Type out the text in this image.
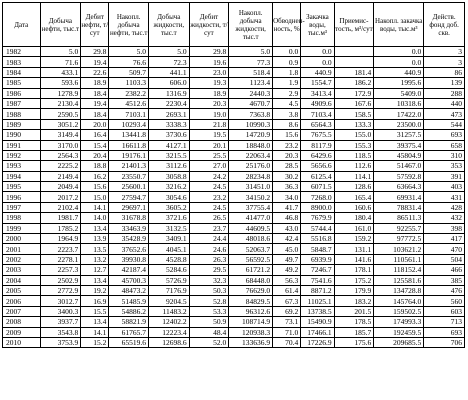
Дата	Добыча нефти, тыс.т	Дебит нефти, т/сут	Накопл. добыча нефти, тыс.т	Добыча жидкости, тыс.т	Дебит жидкости, т/сут	Накопл. добыча жидкости, тыс.т	Обводнен-ность, %	Закачка воды, тыс.м³	Приемис-тость, м³/сут	Накопл. закачка воды, тыс.м³	Действ. фонд доб. скв.
1982	5.0	29.8	5.0	5.0	29.8	5.0	0.0	0.0		0.0	3
1983	71.6	19.4	76.6	72.3	19.6	77.3	0.9	0.0		0.0	3
1984	433.1	22.6	509.7	441.1	23.0	518.4	1.8	440.9	181.4	440.9	86
1985	593.6	18.9	1103.3	606.0	19.3	1123.4	1.9	1554.7	186.2	1995.6	139
1986	1278.9	18.4	2382.2	1316.9	18.9	2440.3	2.9	3413.4	172.9	5409.0	288
1987	2130.4	19.4	4512.6	2230.4	20.3	4670.7	4.5	4909.6	167.6	10318.6	440
1988	2590.5	18.4	7103.1	2693.1	19.0	7363.8	3.8	7103.4	158.5	17422.0	473
1989	3051.2	20.0	10293.4	3338.3	21.8	10990.3	8.6	6564.3	133.3	23500.0	544
1990	3149.4	16.4	13441.8	3730.6	19.5	14720.9	15.6	7675.5	155.0	31257.5	693
1991	3170.0	15.4	16611.8	4127.1	20.1	18848.0	23.2	8117.9	155.3	39375.4	658
1992	2564.3	20.4	19176.1	3215.5	25.5	22063.4	20.3	6429.6	118.5	45804.9	310
1993	2225.2	18.8	21401.3	3112.6	27.0	25176.0	28.5	5656.6	112.6	51467.0	353
1994	2149.4	16.2	23550.7	3058.8	24.2	28234.8	30.2	6125.4	114.1	57592.8	391
1995	2049.4	15.6	25600.1	3216.2	24.5	31451.0	36.3	6071.5	128.6	63664.3	403
1996	2017.2	15.0	27594.7	3054.6	23.2	34150.2	34.0	7268.0	165.4	69931.4	431
1997	2102.4	14.1	29697.1	3605.2	24.5	37755.4	41.7	8900.0	160.6	78831.4	428
1998	1981.7	14.0	31678.8	3721.6	26.5	41477.0	46.8	7679.9	180.4	86511.3	432
1999	1785.2	13.4	33463.9	3132.5	23.7	44609.5	43.0	5744.4	161.0	92255.7	398
2000	1964.9	13.9	35428.9	3409.1	24.4	48018.6	42.4	5516.8	159.2	97772.5	417
2001	2223.7	13.5	37652.6	4045.1	24.6	52063.7	45.0	5848.7	131.1	103621.2	470
2002	2278.1	13.2	39930.8	4528.8	26.3	56592.5	49.7	6939.9	141.6	110561.1	504
2003	2257.3	12.7	42187.4	5284.6	29.5	61721.2	49.2	7246.7	178.1	118152.4	466
2004	2502.9	13.4	45700.3	5726.9	32.3	68448.0	56.3	7541.6	175.2	125581.6	385
2005	2772.9	19.2	48473.2	7176.9	50.3	76629.0	61.4	8871.2	179.9	134728.8	476
2006	3012.7	16.9	51485.9	9204.5	52.8	84829.5	67.3	11025.1	183.2	145764.0	560
2007	3400.3	15.5	54886.2	11483.2	53.3	96312.6	69.2	13738.5	201.5	159502.5	603
2008	3937.7	13.4	58821.9	12402.2	50.9	108714.9	73.1	15490.9	178.5	174993.3	713
2009	3543.8	14.1	61765.7	12223.4	48.4	120938.3	71.0	17466.1	185.7	192459.5	693
2010	3753.9	15.2	65519.6	12698.6	52.0	133636.9	70.4	17226.9	175.6	209685.5	706
